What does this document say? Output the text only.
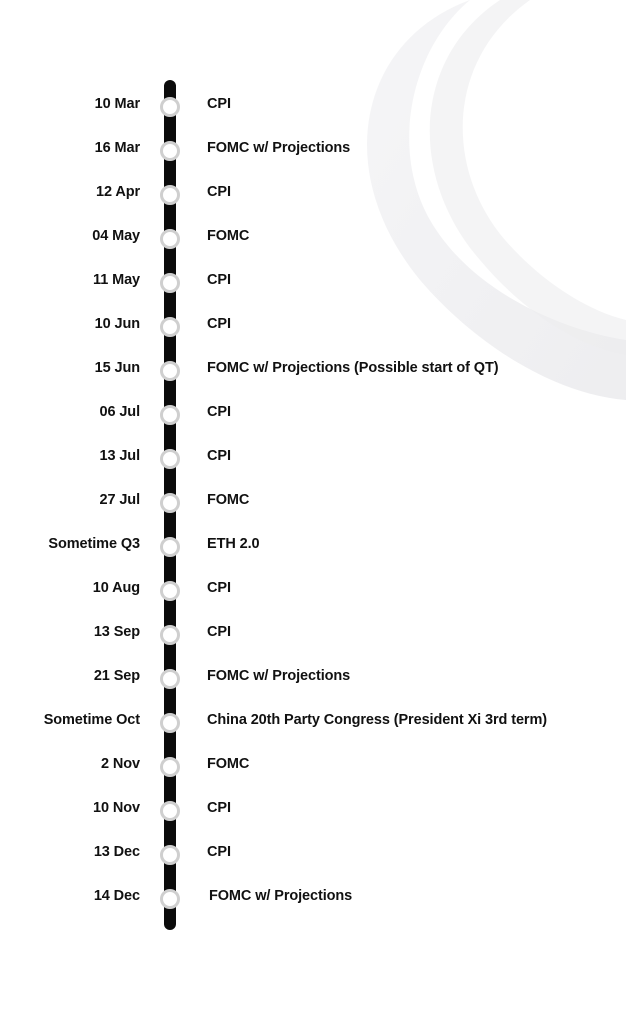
10 Mar	CPI
16 Mar	FOMC w/ Projections
12 Apr	CPI
04 May	FOMC
11 May	CPI
10 Jun	CPI
15 Jun	FOMC w/ Projections (Possible start of QT)
06 Jul	CPI
13 Jul	CPI
27 Jul	FOMC
Sometime Q3	ETH 2.0
10 Aug	CPI
13 Sep	CPI
21 Sep	FOMC w/ Projections
Sometime Oct	China 20th Party Congress (President Xi 3rd term)
2 Nov	FOMC
10 Nov	CPI
13 Dec	CPI
14 Dec	FOMC w/ Projections
